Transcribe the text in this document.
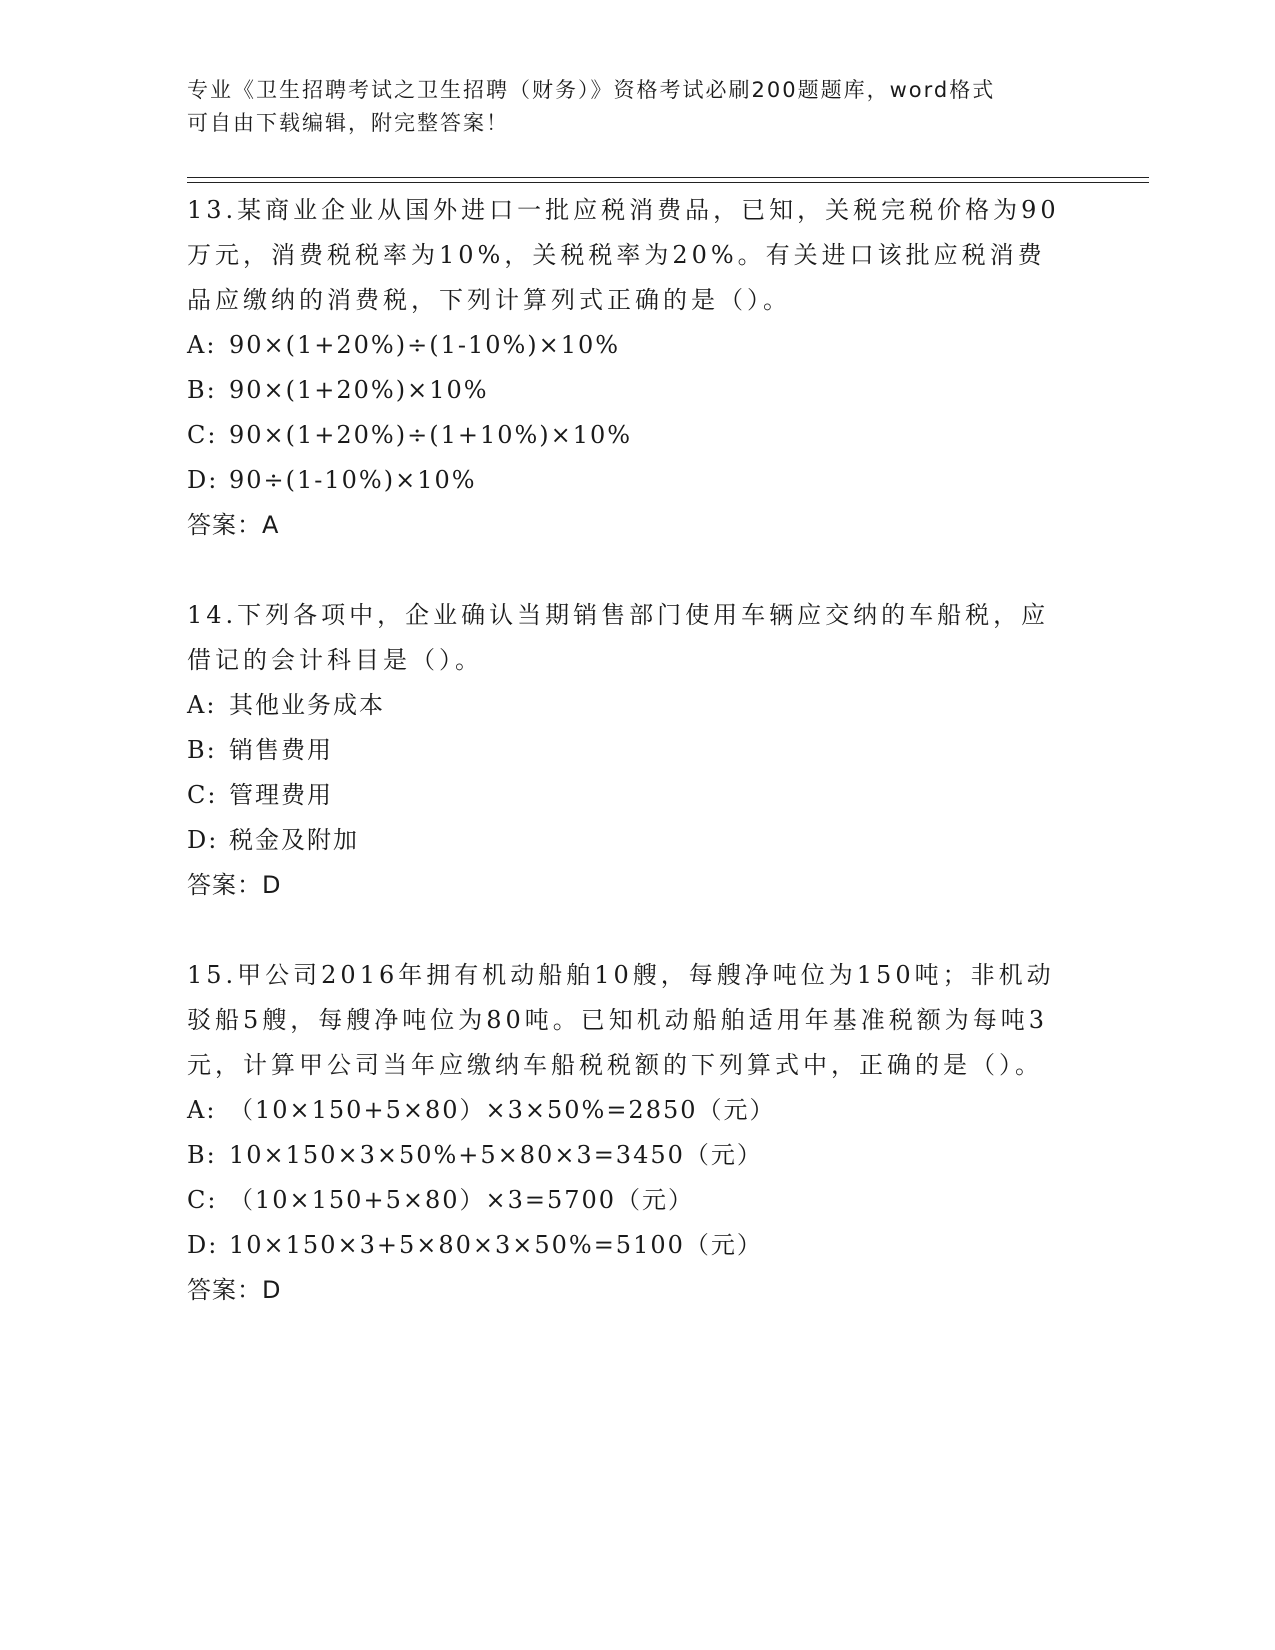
专业《卫生招聘考试之卫生招聘（财务）》资格考试必刷200题题库，word格式
可自由下载编辑，附完整答案！

13.某商业企业从国外进口一批应税消费品，已知，关税完税价格为90万元，消费税税率为10%，关税税率为20%。有关进口该批应税消费品应缴纳的消费税，下列计算列式正确的是（）。

A: 90×(1+20%)÷(1-10%)×10%

B: 90×(1+20%)×10%

C: 90×(1+20%)÷(1+10%)×10%

D: 90÷(1-10%)×10%

答案：A

14.下列各项中，企业确认当期销售部门使用车辆应交纳的车船税，应借记的会计科目是（）。

A: 其他业务成本

B: 销售费用

C: 管理费用

D: 税金及附加

答案：D

15.甲公司2016年拥有机动船舶10艘，每艘净吨位为150吨；非机动驳船5艘，每艘净吨位为80吨。已知机动船舶适用年基准税额为每吨3元，计算甲公司当年应缴纳车船税税额的下列算式中，正确的是（）。

A: （10×150+5×80）×3×50%=2850（元）

B: 10×150×3×50%+5×80×3=3450（元）

C: （10×150+5×80）×3=5700（元）

D: 10×150×3+5×80×3×50%=5100（元）

答案：D
